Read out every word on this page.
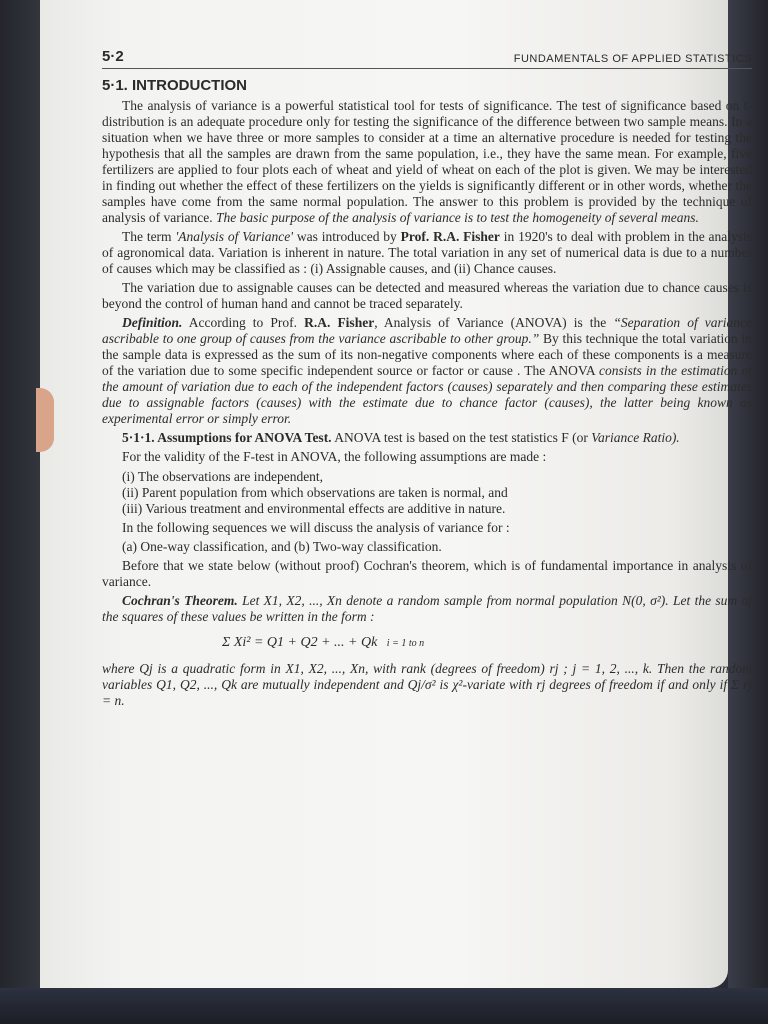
5·2	FUNDAMENTALS OF APPLIED STATISTICS
5·1. INTRODUCTION

The analysis of variance is a powerful statistical tool for tests of significance. The test of significance based on t-distribution is an adequate procedure only for testing the significance of the difference between two sample means. In a situation when we have three or more samples to consider at a time an alternative procedure is needed for testing the hypothesis that all the samples are drawn from the same population, i.e., they have the same mean. For example, five fertilizers are applied to four plots each of wheat and yield of wheat on each of the plot is given. We may be interested in finding out whether the effect of these fertilizers on the yields is significantly different or in other words, whether the samples have come from the same normal population. The answer to this problem is provided by the technique of analysis of variance. The basic purpose of the analysis of variance is to test the homogeneity of several means.

The term 'Analysis of Variance' was introduced by Prof. R.A. Fisher in 1920's to deal with problem in the analysis of agronomical data. Variation is inherent in nature. The total variation in any set of numerical data is due to a number of causes which may be classified as : (i) Assignable causes, and (ii) Chance causes.

The variation due to assignable causes can be detected and measured whereas the variation due to chance causes is beyond the control of human hand and cannot be traced separately.

Definition. According to Prof. R.A. Fisher, Analysis of Variance (ANOVA) is the “Separation of variance ascribable to one group of causes from the variance ascribable to other group.” By this technique the total variation in the sample data is expressed as the sum of its non-negative components where each of these components is a measure of the variation due to some specific independent source or factor or cause . The ANOVA consists in the estimation of the amount of variation due to each of the independent factors (causes) separately and then comparing these estimates due to assignable factors (causes) with the estimate due to chance factor (causes), the latter being known as experimental error or simply error.

5·1·1. Assumptions for ANOVA Test. ANOVA test is based on the test statistics F (or Variance Ratio).

For the validity of the F-test in ANOVA, the following assumptions are made :

(i) The observations are independent,
(ii) Parent population from which observations are taken is normal, and
(iii) Various treatment and environmental effects are additive in nature.

In the following sequences we will discuss the analysis of variance for :

(a) One-way classification, and (b) Two-way classification.

Before that we state below (without proof) Cochran's theorem, which is of fundamental importance in analysis of variance.

Cochran's Theorem. Let X1, X2, ..., Xn denote a random sample from normal population N(0, σ²). Let the sum of the squares of these values be written in the form :

Σ Xi² = Q1 + Q2 + ... + Qk i = 1 to n

where Qj is a quadratic form in X1, X2, ..., Xn, with rank (degrees of freedom) rj ; j = 1, 2, ..., k. Then the random variables Q1, Q2, ..., Qk are mutually independent and Qj/σ² is χ²-variate with rj degrees of freedom if and only if Σ rj = n.
